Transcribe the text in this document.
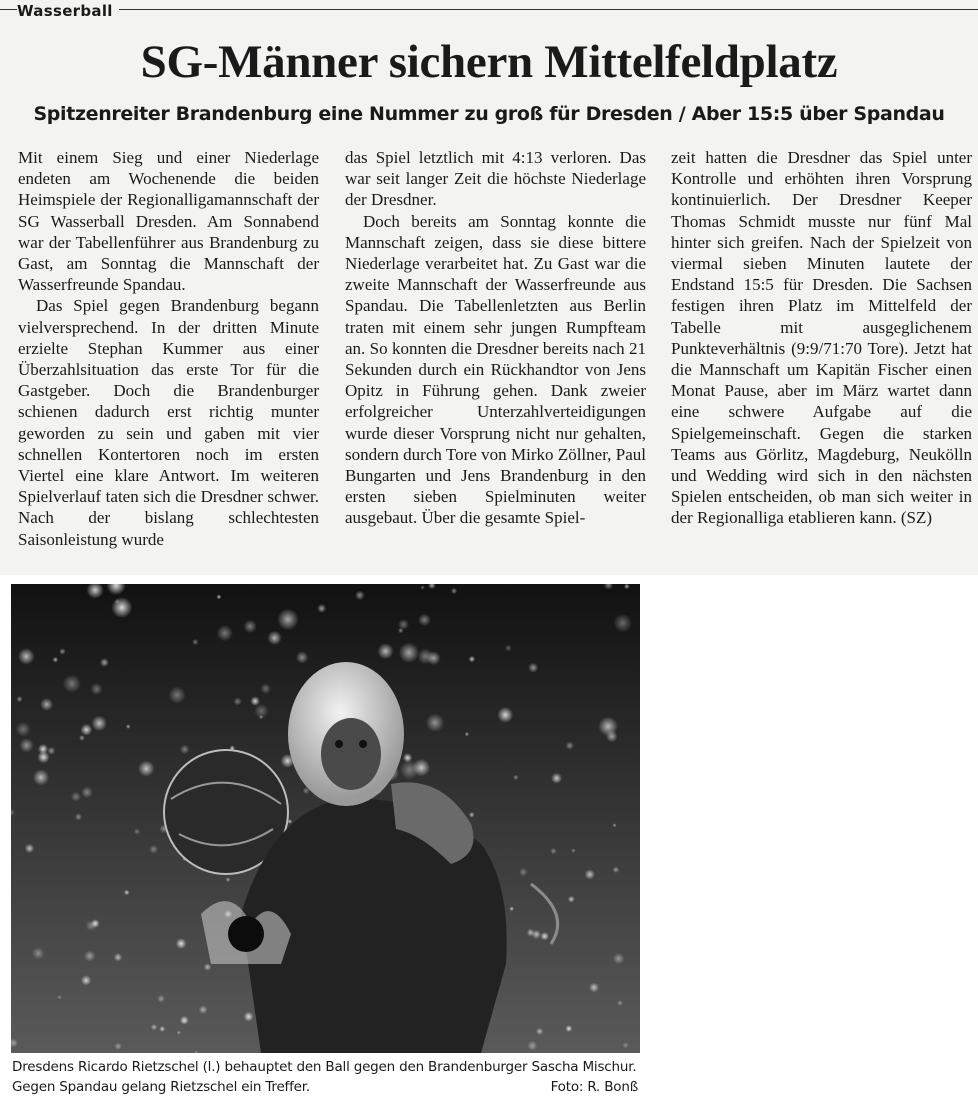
Wasserball
SG-Männer sichern Mittelfeldplatz
Spitzenreiter Brandenburg eine Nummer zu groß für Dresden / Aber 15:5 über Spandau

Mit einem Sieg und einer Niederlage endeten am Wochenende die beiden Heimspiele der Regionalligamannschaft der SG Wasserball Dresden. Am Sonnabend war der Tabellenführer aus Brandenburg zu Gast, am Sonntag die Mannschaft der Wasserfreunde Spandau.

Das Spiel gegen Brandenburg begann vielversprechend. In der dritten Minute erzielte Stephan Kummer aus einer Überzahlsituation das erste Tor für die Gastgeber. Doch die Brandenburger schienen dadurch erst richtig munter geworden zu sein und gaben mit vier schnellen Kontertoren noch im ersten Viertel eine klare Antwort. Im weiteren Spielverlauf taten sich die Dresdner schwer. Nach der bislang schlechtesten Saisonleistung wurde

das Spiel letztlich mit 4:13 verloren. Das war seit langer Zeit die höchste Niederlage der Dresdner.

Doch bereits am Sonntag konnte die Mannschaft zeigen, dass sie diese bittere Niederlage verarbeitet hat. Zu Gast war die zweite Mannschaft der Wasserfreunde aus Spandau. Die Tabellenletzten aus Berlin traten mit einem sehr jungen Rumpfteam an. So konnten die Dresdner bereits nach 21 Sekunden durch ein Rückhandtor von Jens Opitz in Führung gehen. Dank zweier erfolgreicher Unterzahlverteidigungen wurde dieser Vorsprung nicht nur gehalten, sondern durch Tore von Mirko Zöllner, Paul Bungarten und Jens Brandenburg in den ersten sieben Spielminuten weiter ausgebaut. Über die gesamte Spiel-

zeit hatten die Dresdner das Spiel unter Kontrolle und erhöhten ihren Vorsprung kontinuierlich. Der Dresdner Keeper Thomas Schmidt musste nur fünf Mal hinter sich greifen. Nach der Spielzeit von viermal sieben Minuten lautete der Endstand 15:5 für Dresden. Die Sachsen festigen ihren Platz im Mittelfeld der Tabelle mit ausgeglichenem Punkteverhältnis (9:9/71:70 Tore). Jetzt hat die Mannschaft um Kapitän Fischer einen Monat Pause, aber im März wartet dann eine schwere Aufgabe auf die Spielgemeinschaft. Gegen die starken Teams aus Görlitz, Magdeburg, Neukölln und Wedding wird sich in den nächsten Spielen entscheiden, ob man sich weiter in der Regionalliga etablieren kann. (SZ)

Dresdens Ricardo Rietzschel (l.) behauptet den Ball gegen den Brandenburger Sascha Mischur. Gegen Spandau gelang Rietzschel ein Treffer.	Foto: R. Bonß
